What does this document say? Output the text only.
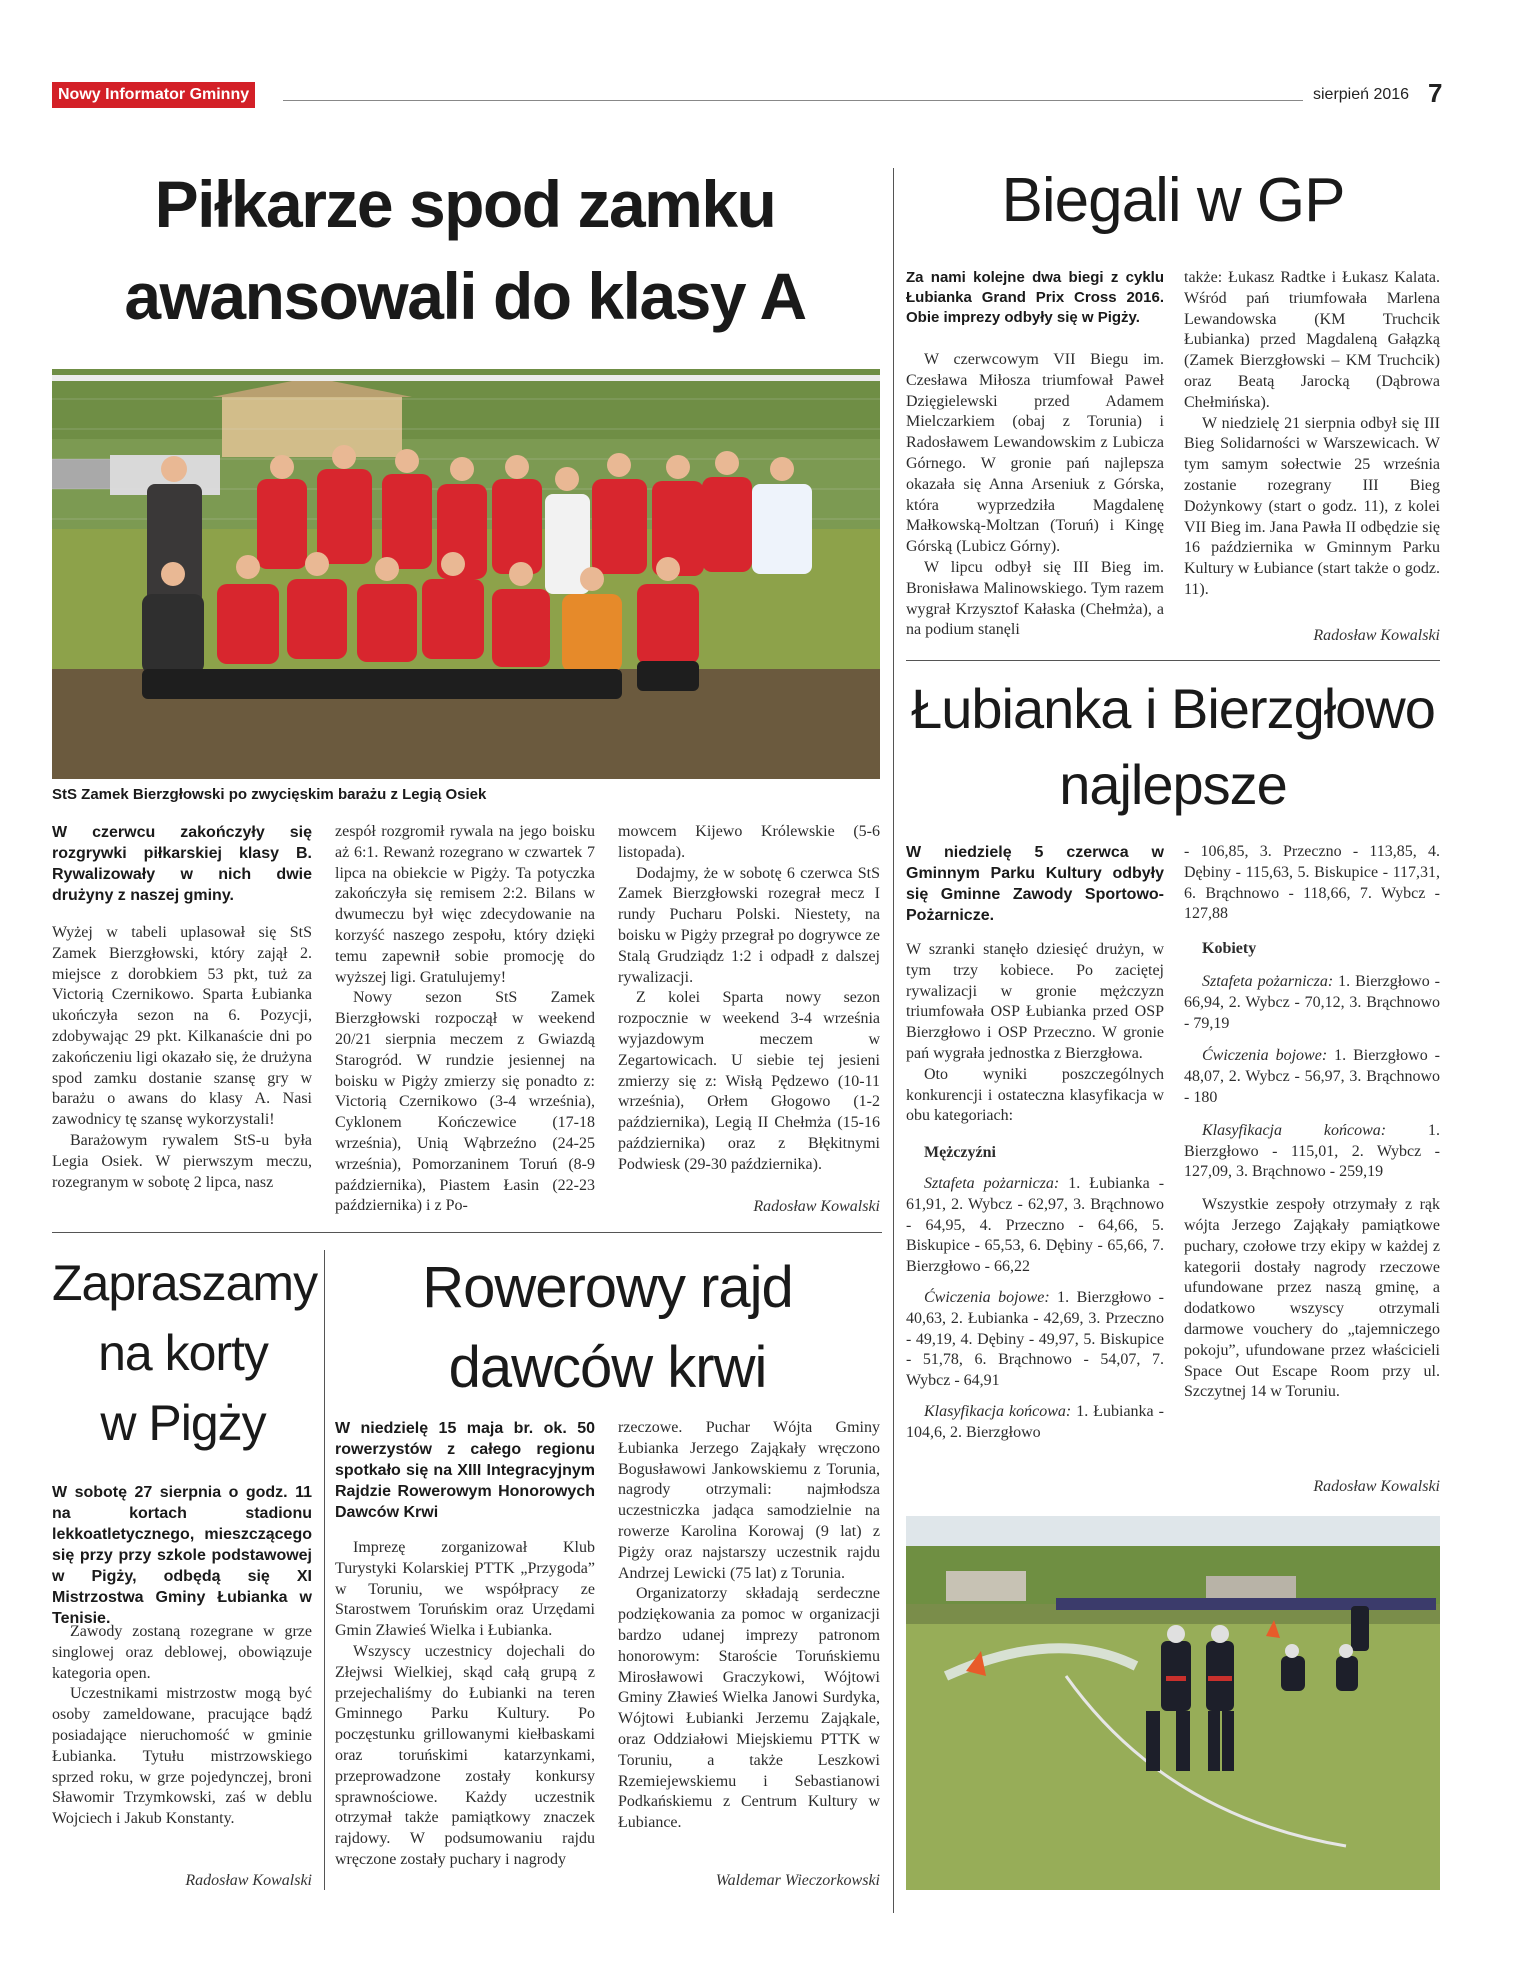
Nowy Informator Gminny	sierpień 2016 7
Piłkarze spod zamku awansowali do klasy A
StS Zamek Bierzgłowski po zwycięskim barażu z Legią Osiek
W czerwcu zakończyły się rozgrywki piłkarskiej klasy B. Rywalizowały w nich dwie drużyny z naszej gminy.

Wyżej w tabeli uplasował się StS Zamek Bierzgłowski, który zajął 2. miejsce z dorobkiem 53 pkt, tuż za Victorią Czernikowo. Sparta Łubianka ukończyła sezon na 6. Pozycji, zdobywając 29 pkt. Kilkanaście dni po zakończeniu ligi okazało się, że drużyna spod zamku dostanie szansę gry w barażu o awans do klasy A. Nasi zawodnicy tę szansę wykorzystali!

Barażowym rywalem StS-u była Legia Osiek. W pierwszym meczu, rozegranym w sobotę 2 lipca, nasz

zespół rozgromił rywala na jego boisku aż 6:1. Rewanż rozegrano w czwartek 7 lipca na obiekcie w Pigży. Ta potyczka zakończyła się remisem 2:2. Bilans w dwumeczu był więc zdecydowanie na korzyść naszego zespołu, który dzięki temu zapewnił sobie promocję do wyższej ligi. Gratulujemy!

Nowy sezon StS Zamek Bierzgłowski rozpoczął w weekend 20/21 sierpnia meczem z Gwiazdą Starogród. W rundzie jesiennej na boisku w Pigży zmierzy się ponadto z: Victorią Czernikowo (3-4 września), Cyklonem Kończewice (17-18 września), Unią Wąbrzeźno (24-25 września), Pomorzaninem Toruń (8-9 października), Piastem Łasin (22-23 października) i z Po-

mowcem Kijewo Królewskie (5-6 listopada).

Dodajmy, że w sobotę 6 czerwca StS Zamek Bierzgłowski rozegrał mecz I rundy Pucharu Polski. Niestety, na boisku w Pigży przegrał po dogrywce ze Stalą Grudziądz 1:2 i odpadł z dalszej rywalizacji.

Z kolei Sparta nowy sezon rozpocznie w weekend 3-4 września wyjazdowym meczem w Zegartowicach. U siebie tej jesieni zmierzy się z: Wisłą Pędzewo (10-11 września), Orłem Głogowo (1-2 października), Legią II Chełmża (15-16 października) oraz z Błękitnymi Podwiesk (29-30 października).

Radosław Kowalski
Biegali w GP
Za nami kolejne dwa biegi z cyklu Łubianka Grand Prix Cross 2016. Obie imprezy odbyły się w Pigży.

W czerwcowym VII Biegu im. Czesława Miłosza triumfował Paweł Dzięgielewski przed Adamem Mielczarkiem (obaj z Torunia) i Radosławem Lewandowskim z Lubicza Górnego. W gronie pań najlepsza okazała się Anna Arseniuk z Górska, która wyprzedziła Magdalenę Małkowską-Moltzan (Toruń) i Kingę Górską (Lubicz Górny).

W lipcu odbył się III Bieg im. Bronisława Malinowskiego. Tym razem wygrał Krzysztof Kałaska (Chełmża), a na podium stanęli

także: Łukasz Radtke i Łukasz Kalata. Wśród pań triumfowała Marlena Lewandowska (KM Truchcik Łubianka) przed Magdaleną Gałązką (Zamek Bierzgłowski – KM Truchcik) oraz Beatą Jarocką (Dąbrowa Chełmińska).

W niedzielę 21 sierpnia odbył się III Bieg Solidarności w Warszewicach. W tym samym sołectwie 25 września zostanie rozegrany III Bieg Dożynkowy (start o godz. 11), z kolei VII Bieg im. Jana Pawła II odbędzie się 16 października w Gminnym Parku Kultury w Łubiance (start także o godz. 11).

Radosław Kowalski
Łubianka i Bierzgłowo
najlepsze
W niedzielę 5 czerwca w Gminnym Parku Kultury odbyły się Gminne Zawody Sportowo-Pożarnicze.

W szranki stanęło dziesięć drużyn, w tym trzy kobiece. Po zaciętej rywalizacji w gronie mężczyzn triumfowała OSP Łubianka przed OSP Bierzgłowo i OSP Przeczno. W gronie pań wygrała jednostka z Bierzgłowa.

Oto wyniki poszczególnych konkurencji i ostateczna klasyfikacja w obu kategoriach:

Mężczyźni

Sztafeta pożarnicza: 1. Łubianka - 61,91, 2. Wybcz - 62,97, 3. Brąchnowo - 64,95, 4. Przeczno - 64,66, 5. Biskupice - 65,53, 6. Dębiny - 65,66, 7. Bierzgłowo - 66,22

Ćwiczenia bojowe: 1. Bierzgłowo - 40,63, 2. Łubianka - 42,69, 3. Przeczno - 49,19, 4. Dębiny - 49,97, 5. Biskupice - 51,78, 6. Brąchnowo - 54,07, 7. Wybcz - 64,91

Klasyfikacja końcowa: 1. Łubianka - 104,6, 2. Bierzgłowo

- 106,85, 3. Przeczno - 113,85, 4. Dębiny - 115,63, 5. Biskupice - 117,31, 6. Brąchnowo - 118,66, 7. Wybcz - 127,88

Kobiety

Sztafeta pożarnicza: 1. Bierzgłowo - 66,94, 2. Wybcz - 70,12, 3. Brąchnowo - 79,19

Ćwiczenia bojowe: 1. Bierzgłowo - 48,07, 2. Wybcz - 56,97, 3. Brąchnowo - 180

Klasyfikacja końcowa:	1. Bierzgłowo - 115,01, 2. Wybcz - 127,09, 3. Brąchnowo - 259,19

Wszystkie zespoły otrzymały z rąk wójta Jerzego Zająkały pamiątkowe puchary, czołowe trzy ekipy w każdej z kategorii dostały nagrody rzeczowe ufundowane przez naszą gminę, a dodatkowo wszyscy otrzymali darmowe vouchery do „tajemniczego pokoju”, ufundowane przez właścicieli Space Out Escape Room przy ul. Szczytnej 14 w Toruniu.

Radosław Kowalski
Zapraszamy
na korty
w Pigży
W sobotę 27 sierpnia o godz. 11 na kortach stadionu lekkoatletycznego, mieszczącego się przy przy szkole podstawowej w Pigży, odbędą się XI Mistrzostwa Gminy Łubianka w Tenisie.

Zawody zostaną rozegrane w grze singlowej oraz deblowej, obowiązuje kategoria open.

Uczestnikami mistrzostw mogą być osoby zameldowane, pracujące bądź posiadające nieruchomość w gminie Łubianka. Tytułu mistrzowskiego sprzed roku, w grze pojedynczej, broni Sławomir Trzymkowski, zaś w deblu Wojciech i Jakub Konstanty.

Radosław Kowalski
Rowerowy rajd
dawców krwi
W niedzielę 15 maja br. ok. 50 rowerzystów z całego regionu spotkało się na XIII Integracyjnym Rajdzie Rowerowym Honorowych Dawców Krwi

Imprezę zorganizował Klub Turystyki Kolarskiej PTTK „Przygoda” w Toruniu, we współpracy ze Starostwem Toruńskim oraz Urzędami Gmin Zławieś Wielka i Łubianka.

Wszyscy uczestnicy dojechali do Złejwsi Wielkiej, skąd całą grupą z przejechaliśmy do Łubianki na teren Gminnego Parku Kultury. Po poczęstunku grillowanymi kiełbaskami oraz toruńskimi katarzynkami, przeprowadzone zostały konkursy sprawnościowe. Każdy uczestnik otrzymał także pamiątkowy znaczek rajdowy. W podsumowaniu rajdu wręczone zostały puchary i nagrody

rzeczowe. Puchar Wójta Gminy Łubianka Jerzego Zająkały wręczono Bogusławowi Jankowskiemu z Torunia, nagrody otrzymali: najmłodsza uczestniczka jadąca samodzielnie na rowerze Karolina Korowaj (9 lat) z Pigży oraz najstarszy uczestnik rajdu Andrzej Lewicki (75 lat) z Torunia.

Organizatorzy składają serdeczne podziękowania za pomoc w organizacji bardzo udanej imprezy patronom honorowym: Staroście Toruńskiemu Mirosławowi Graczykowi, Wójtowi Gminy Zławieś Wielka Janowi Surdyka, Wójtowi Łubianki Jerzemu Zająkale, oraz Oddziałowi Miejskiemu PTTK w Toruniu, a także Leszkowi Rzemiejewskiemu i Sebastianowi Podkańskiemu z Centrum Kultury w Łubiance.

Waldemar Wieczorkowski
